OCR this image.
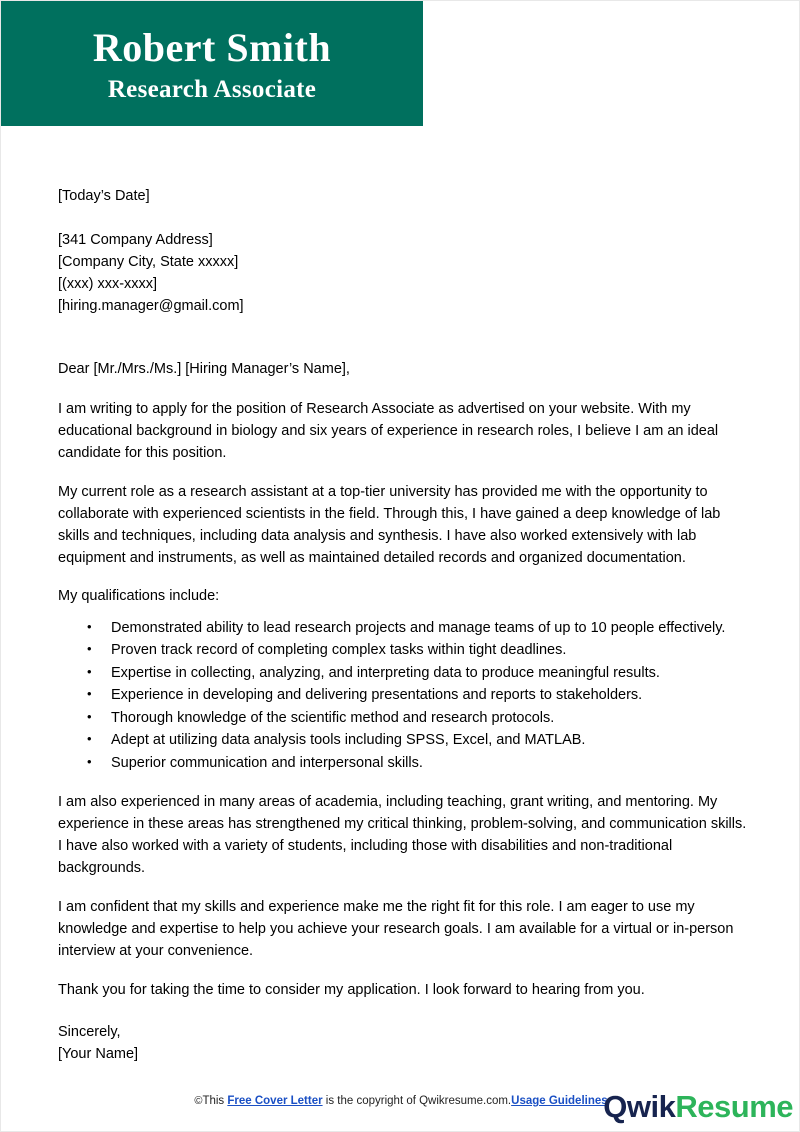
Robert Smith
Research Associate

[Today’s Date]

[341 Company Address]

[Company City, State xxxxx]

[(xxx) xxx-xxxx]

[hiring.manager@gmail.com]

Dear [Mr./Mrs./Ms.] [Hiring Manager’s Name],

I am writing to apply for the position of Research Associate as advertised on your website. With my educational background in biology and six years of experience in research roles, I believe I am an ideal candidate for this position.

My current role as a research assistant at a top-tier university has provided me with the opportunity to collaborate with experienced scientists in the field. Through this, I have gained a deep knowledge of lab skills and techniques, including data analysis and synthesis. I have also worked extensively with lab equipment and instruments, as well as maintained detailed records and organized documentation.

My qualifications include:

• Demonstrated ability to lead research projects and manage teams of up to 10 people effectively.
• Proven track record of completing complex tasks within tight deadlines.
• Expertise in collecting, analyzing, and interpreting data to produce meaningful results.
• Experience in developing and delivering presentations and reports to stakeholders.
• Thorough knowledge of the scientific method and research protocols.
• Adept at utilizing data analysis tools including SPSS, Excel, and MATLAB.
• Superior communication and interpersonal skills.

I am also experienced in many areas of academia, including teaching, grant writing, and mentoring. My experience in these areas has strengthened my critical thinking, problem-solving, and communication skills. I have also worked with a variety of students, including those with disabilities and non-traditional backgrounds.

I am confident that my skills and experience make me the right fit for this role. I am eager to use my knowledge and expertise to help you achieve your research goals. I am available for a virtual or in-person interview at your convenience.

Thank you for taking the time to consider my application. I look forward to hearing from you.

Sincerely,

[Your Name]

©This Free Cover Letter is the copyright of Qwikresume.com.Usage Guidelines
QwikResume
